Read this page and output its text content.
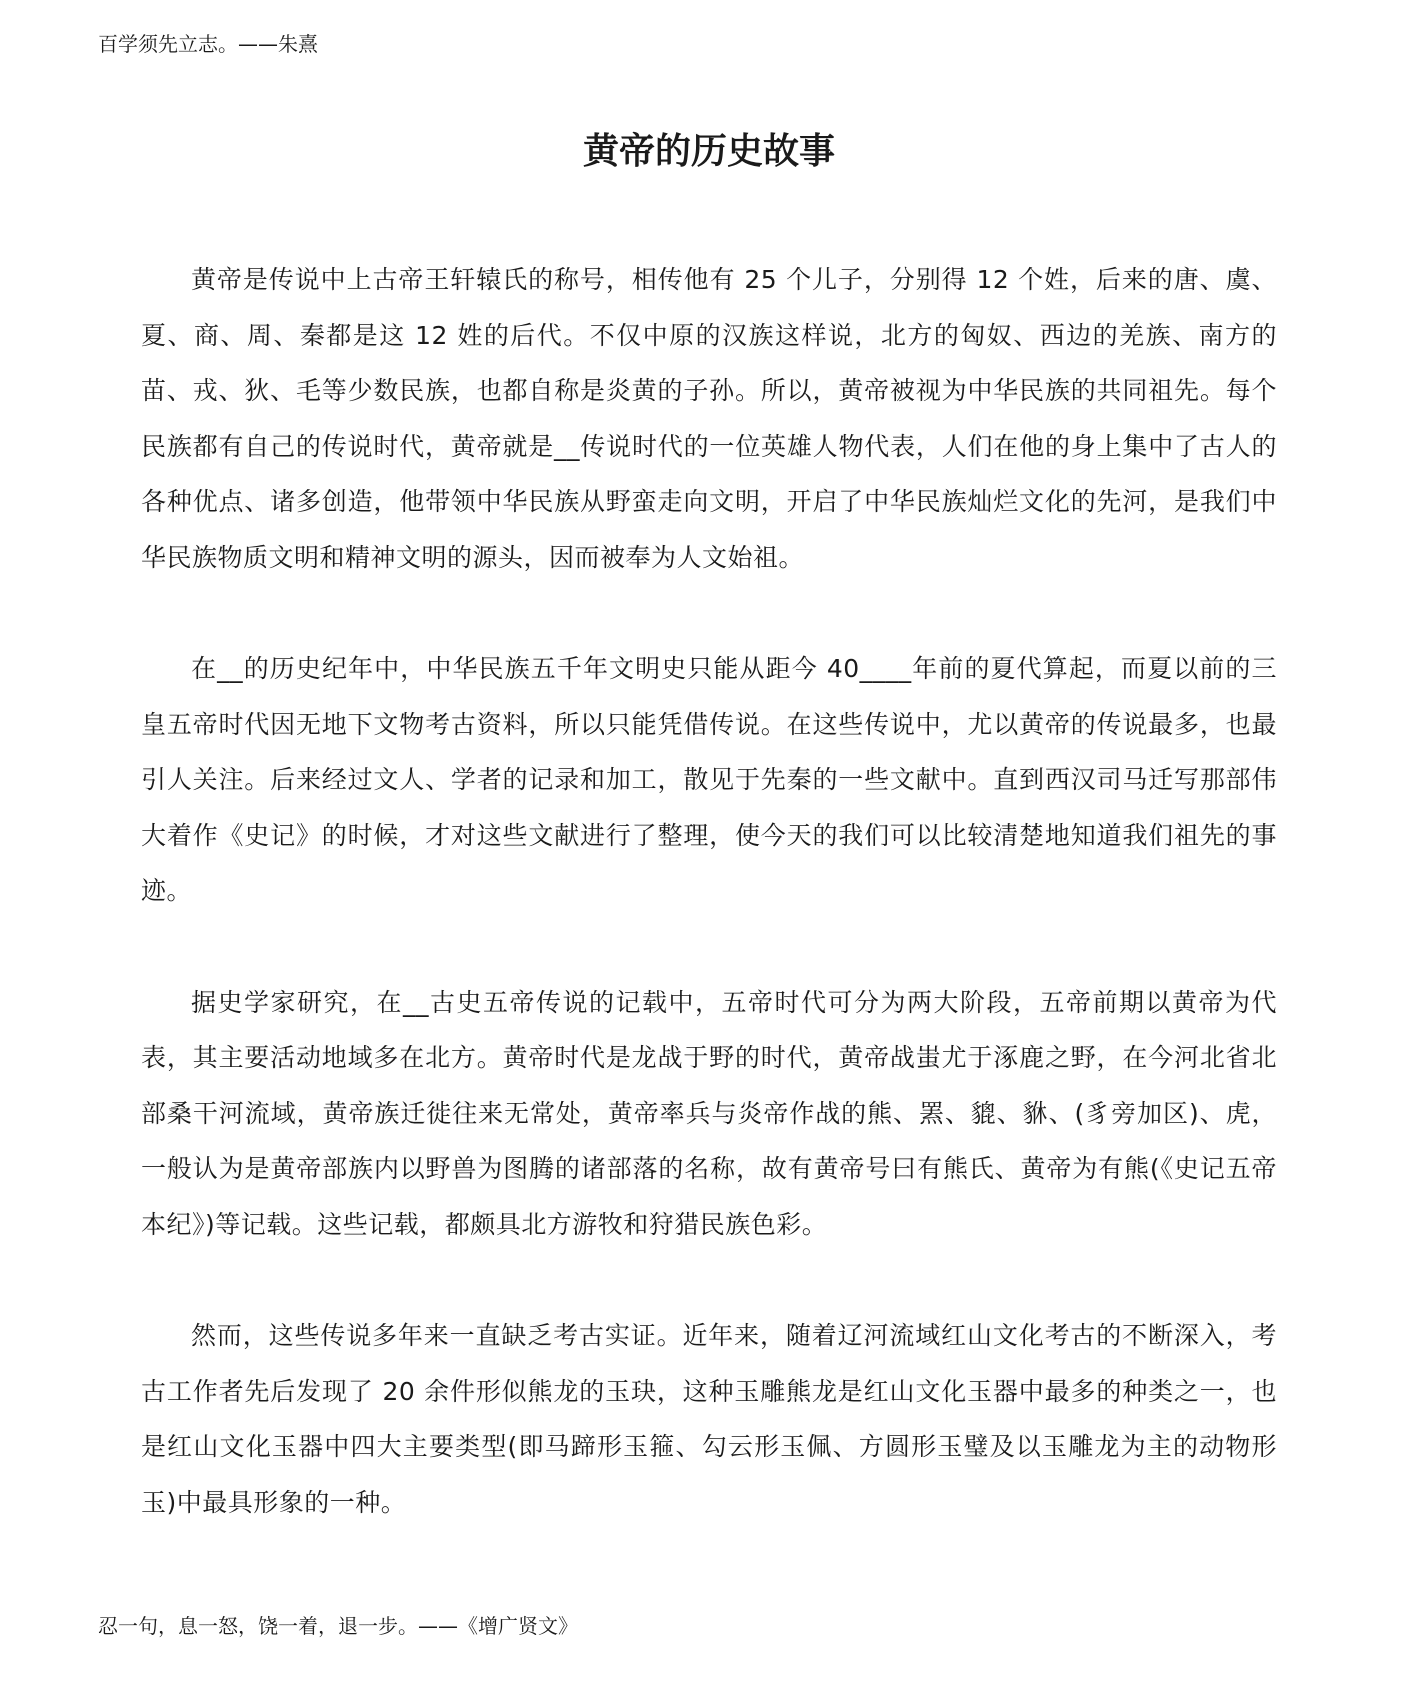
百学须先立志。——朱熹
黄帝的历史故事

黄帝是传说中上古帝王轩辕氏的称号，相传他有 25 个儿子，分别得 12 个姓，后来的唐、虞、夏、商、周、秦都是这 12 姓的后代。不仅中原的汉族这样说，北方的匈奴、西边的羌族、南方的苗、戎、狄、毛等少数民族，也都自称是炎黄的子孙。所以，黄帝被视为中华民族的共同祖先。每个民族都有自己的传说时代，黄帝就是__传说时代的一位英雄人物代表，人们在他的身上集中了古人的各种优点、诸多创造，他带领中华民族从野蛮走向文明，开启了中华民族灿烂文化的先河，是我们中华民族物质文明和精神文明的源头，因而被奉为人文始祖。

在__的历史纪年中，中华民族五千年文明史只能从距今 40____年前的夏代算起，而夏以前的三皇五帝时代因无地下文物考古资料，所以只能凭借传说。在这些传说中，尤以黄帝的传说最多，也最引人关注。后来经过文人、学者的记录和加工，散见于先秦的一些文献中。直到西汉司马迁写那部伟大着作《史记》的时候，才对这些文献进行了整理，使今天的我们可以比较清楚地知道我们祖先的事迹。

据史学家研究，在__古史五帝传说的记载中，五帝时代可分为两大阶段，五帝前期以黄帝为代表，其主要活动地域多在北方。黄帝时代是龙战于野的时代，黄帝战蚩尤于涿鹿之野，在今河北省北部桑干河流域，黄帝族迁徙往来无常处，黄帝率兵与炎帝作战的熊、罴、貔、貅、(豸旁加区)、虎，一般认为是黄帝部族内以野兽为图腾的诸部落的名称，故有黄帝号曰有熊氏、黄帝为有熊(《史记五帝本纪》)等记载。这些记载，都颇具北方游牧和狩猎民族色彩。

然而，这些传说多年来一直缺乏考古实证。近年来，随着辽河流域红山文化考古的不断深入，考古工作者先后发现了 20 余件形似熊龙的玉玦，这种玉雕熊龙是红山文化玉器中最多的种类之一，也是红山文化玉器中四大主要类型(即马蹄形玉箍、勾云形玉佩、方圆形玉璧及以玉雕龙为主的动物形玉)中最具形象的一种。

忍一句，息一怒，饶一着，退一步。——《增广贤文》
